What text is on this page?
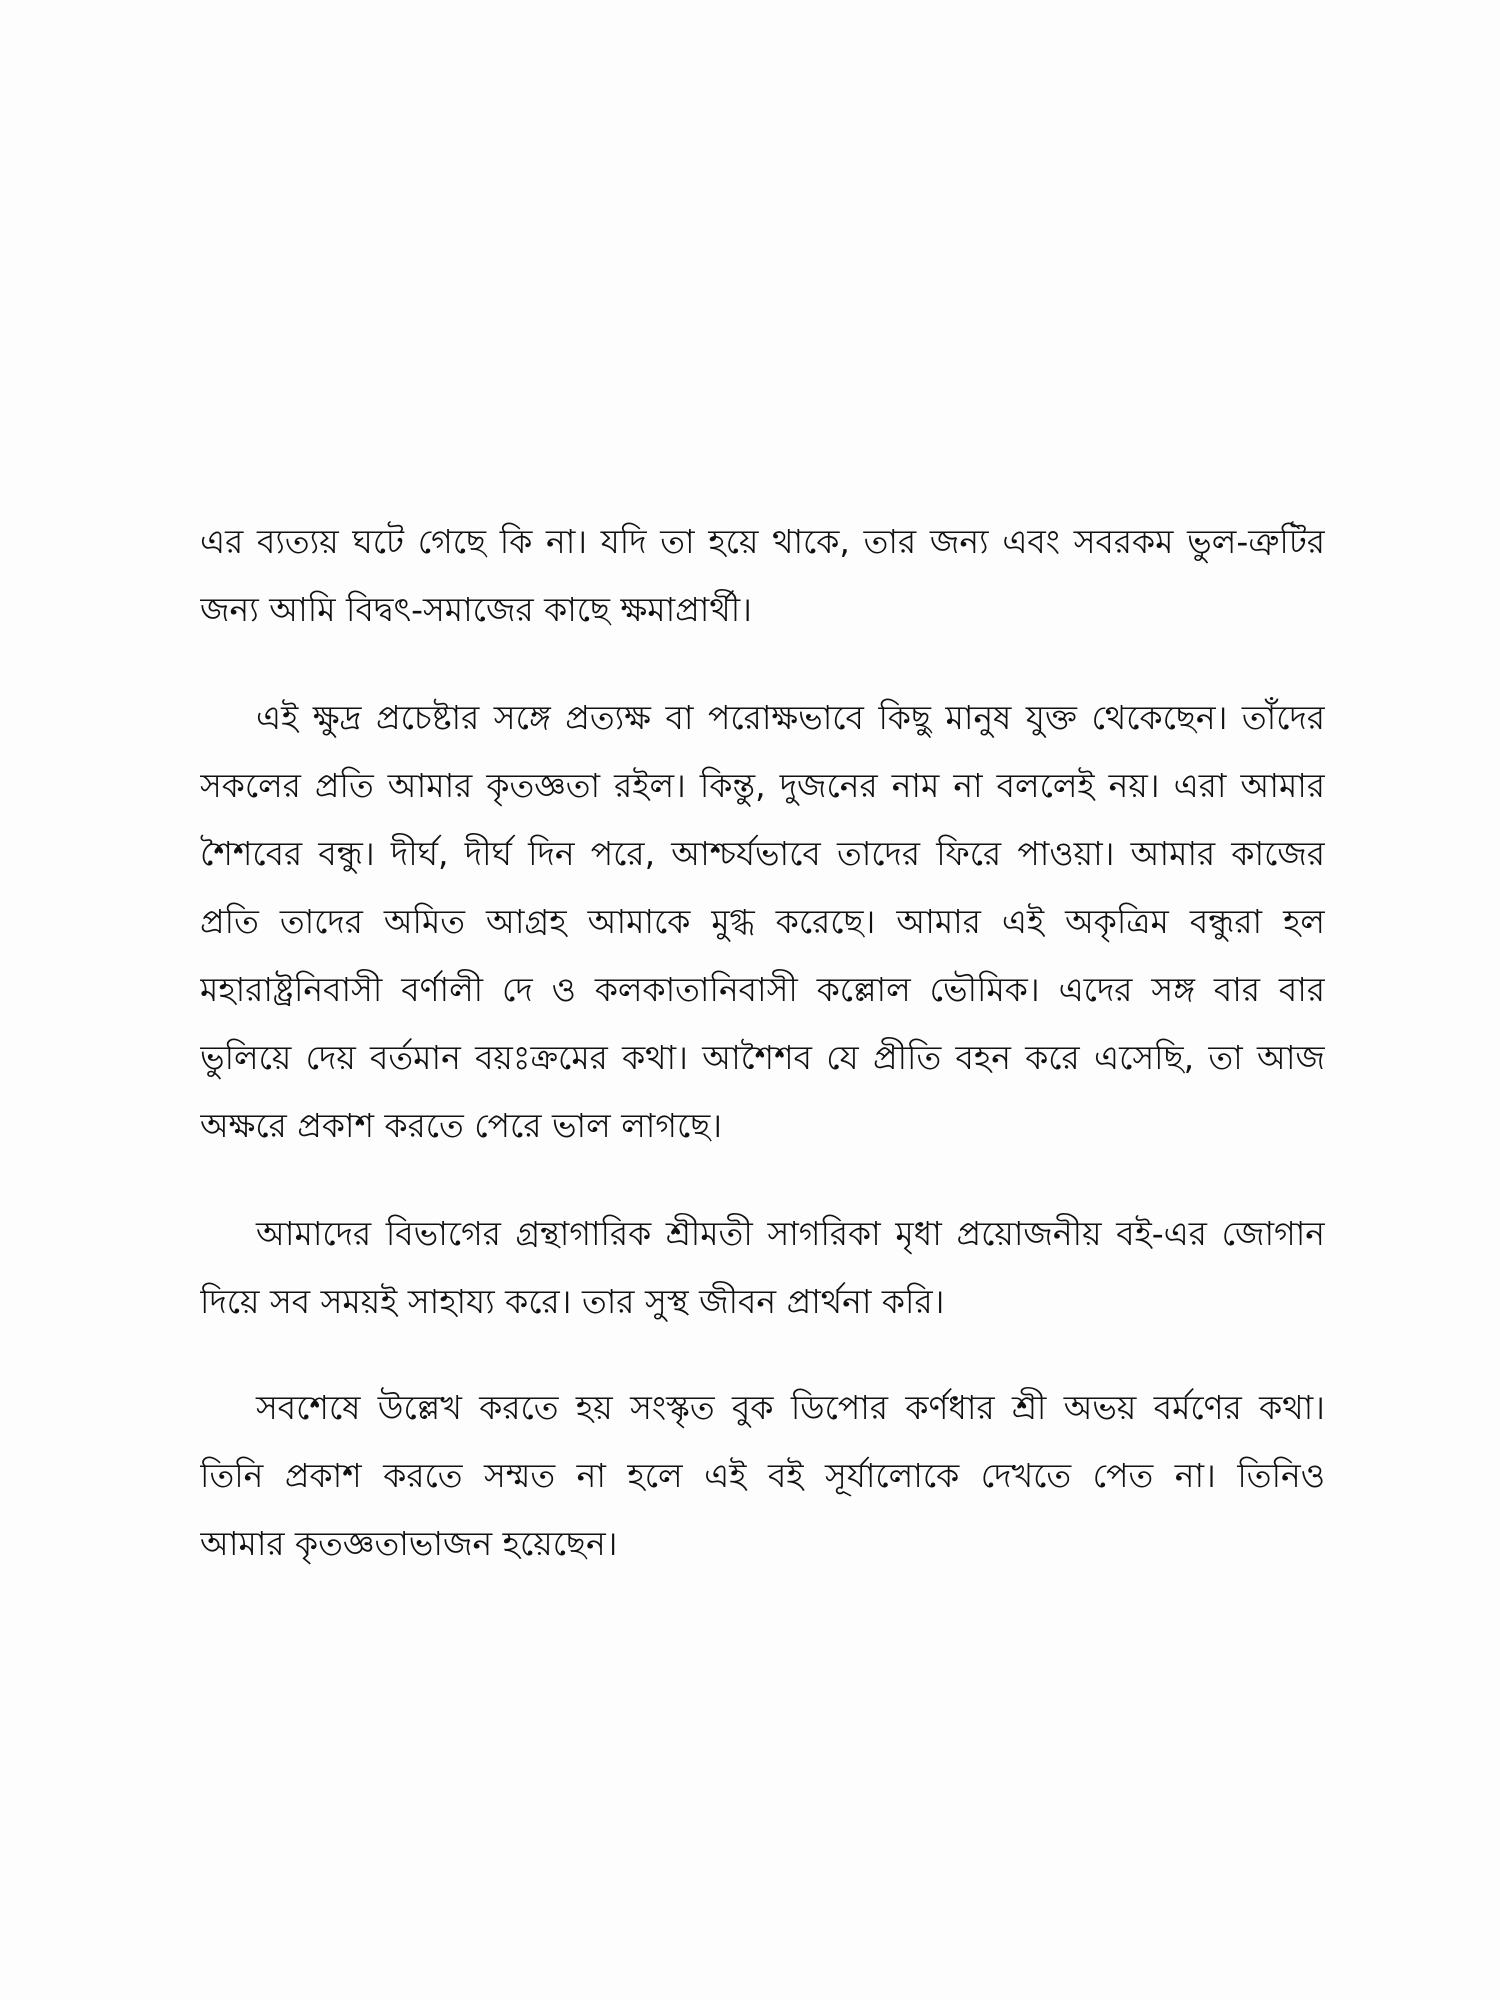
এর ব্যত্যয় ঘটে গেছে কি না। যদি তা হয়ে থাকে, তার জন্য এবং সবরকম ভুল-ত্রুটির
জন্য আমি বিদ্বৎ-সমাজের কাছে ক্ষমাপ্রার্থী।
এই ক্ষুদ্র প্রচেষ্টার সঙ্গে প্রত্যক্ষ বা পরোক্ষভাবে কিছু মানুষ যুক্ত থেকেছেন। তাঁদের
সকলের প্রতি আমার কৃতজ্ঞতা রইল। কিন্তু, দুজনের নাম না বললেই নয়। এরা আমার
শৈশবের বন্ধু। দীর্ঘ, দীর্ঘ দিন পরে, আশ্চর্যভাবে তাদের ফিরে পাওয়া। আমার কাজের
প্রতি তাদের অমিত আগ্রহ আমাকে মুগ্ধ করেছে। আমার এই অকৃত্রিম বন্ধুরা হল
মহারাষ্ট্রনিবাসী বর্ণালী দে ও কলকাতানিবাসী কল্লোল ভৌমিক। এদের সঙ্গ বার বার
ভুলিয়ে দেয় বর্তমান বয়ঃক্রমের কথা। আশৈশব যে প্রীতি বহন করে এসেছি, তা আজ
অক্ষরে প্রকাশ করতে পেরে ভাল লাগছে।
আমাদের বিভাগের গ্রন্থাগারিক শ্রীমতী সাগরিকা মৃধা প্রয়োজনীয় বই-এর জোগান
দিয়ে সব সময়ই সাহায্য করে। তার সুস্থ জীবন প্রার্থনা করি।
সবশেষে উল্লেখ করতে হয় সংস্কৃত বুক ডিপোর কর্ণধার শ্রী অভয় বর্মণের কথা।
তিনি প্রকাশ করতে সম্মত না হলে এই বই সূর্যালোকে দেখতে পেত না। তিনিও
আমার কৃতজ্ঞতাভাজন হয়েছেন।
